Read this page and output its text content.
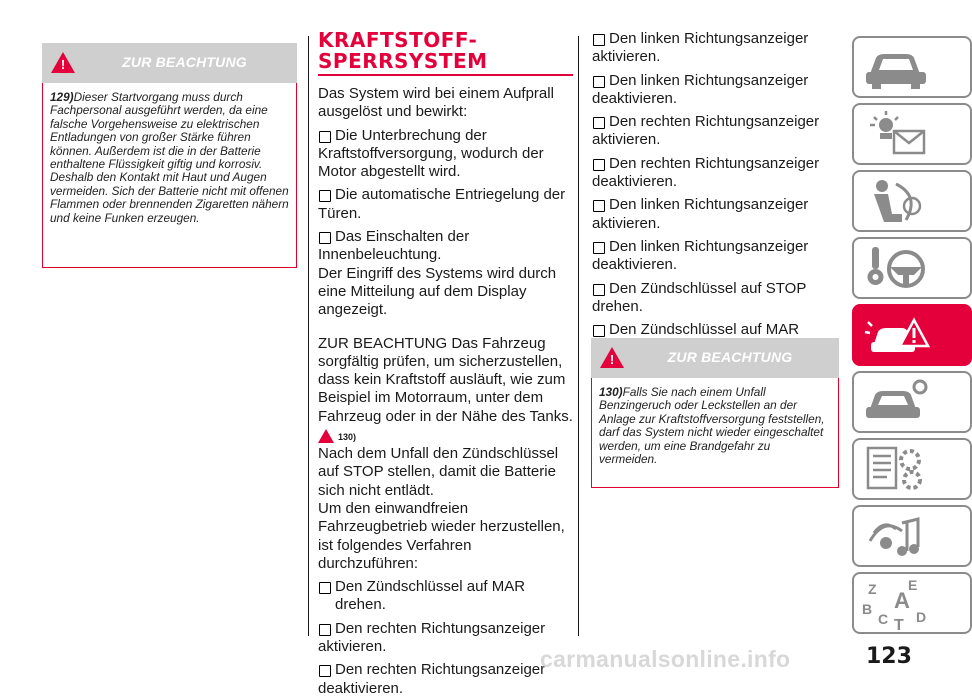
!	ZUR BEACHTUNG
129)Dieser Startvorgang muss durch Fachpersonal ausgeführt werden, da eine falsche Vorgehensweise zu elektrischen Entladungen von großer Stärke führen können. Außerdem ist die in der Batterie enthaltene Flüssigkeit giftig und korrosiv. Deshalb den Kontakt mit Haut und Augen vermeiden. Sich der Batterie nicht mit offenen Flammen oder brennenden Zigaretten nähern und keine Funken erzeugen.
KRAFTSTOFF-
SPERRSYSTEM

Das System wird bei einem Aufprall ausgelöst und bewirkt:

Die Unterbrechung der
Kraftstoffversorgung, wodurch der Motor abgestellt wird.
Die automatische Entriegelung der
Türen.
Das Einschalten der
Innenbeleuchtung.

Der Eingriff des Systems wird durch eine Mitteilung auf dem Display angezeigt.

ZUR BEACHTUNG Das Fahrzeug sorgfältig prüfen, um sicherzustellen, dass kein Kraftstoff ausläuft, wie zum Beispiel im Motorraum, unter dem Fahrzeug oder in der Nähe des Tanks.

130)

Nach dem Unfall den Zündschlüssel auf STOP stellen, damit die Batterie sich nicht entlädt.

Um den einwandfreien Fahrzeugbetrieb wieder herzustellen, ist folgendes Verfahren durchzuführen:

Den Zündschlüssel auf MAR drehen.
Den rechten Richtungsanzeiger
aktivieren.
Den rechten Richtungsanzeiger
deaktivieren.
Den linken Richtungsanzeiger
aktivieren.
Den linken Richtungsanzeiger
deaktivieren.
Den rechten Richtungsanzeiger
aktivieren.
Den rechten Richtungsanzeiger
deaktivieren.
Den linken Richtungsanzeiger
aktivieren.
Den linken Richtungsanzeiger
deaktivieren.
Den Zündschlüssel auf STOP
drehen.
Den Zündschlüssel auf MAR
!	ZUR BEACHTUNG
130)Falls Sie nach einem Unfall Benzingeruch oder Leckstellen an der Anlage zur Kraftstoffversorgung feststellen, darf das System nicht wieder eingeschaltet werden, um eine Brandgefahr zu vermeiden.
Z E
A
B
C D
T
123
carmanualsonline.info
